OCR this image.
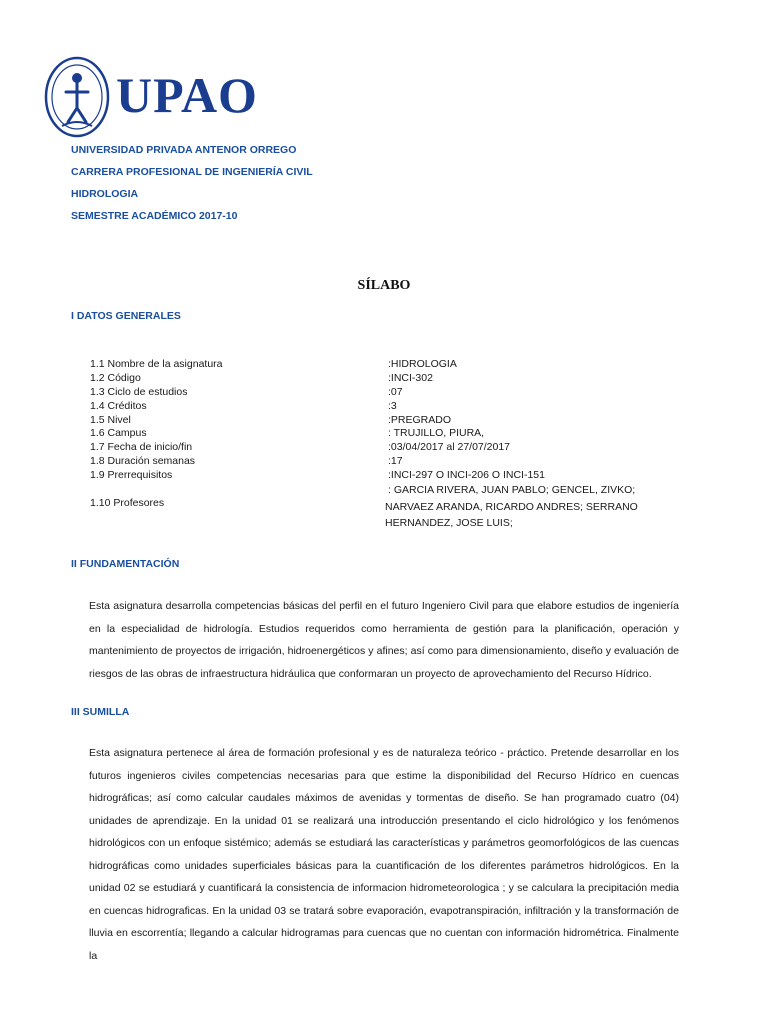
UPAO
UNIVERSIDAD PRIVADA ANTENOR ORREGO
CARRERA PROFESIONAL DE INGENIERÍA CIVIL
HIDROLOGIA
SEMESTRE ACADÉMICO 2017-10
SÍLABO
I DATOS GENERALES
1.1 Nombre de la asignatura	:HIDROLOGIA
1.2 Código	:INCI-302
1.3 Ciclo de estudios	:07
1.4 Créditos	:3
1.5 Nivel	:PREGRADO
1.6 Campus	: TRUJILLO, PIURA,
1.7 Fecha de inicio/fin	:03/04/2017 al 27/07/2017
1.8 Duración semanas	:17
1.9 Prerrequisitos	:INCI-297 O INCI-206 O INCI-151
1.10 Profesores
: GARCIA RIVERA, JUAN PABLO; GENCEL, ZIVKO;
NARVAEZ ARANDA, RICARDO ANDRES; SERRANO
HERNANDEZ, JOSE LUIS;
II FUNDAMENTACIÓN
Esta asignatura desarrolla competencias básicas del perfil en el futuro Ingeniero Civil para que elabore estudios de ingeniería en la especialidad de hidrología. Estudios requeridos como herramienta de gestión para la planificación, operación y mantenimiento de proyectos de irrigación, hidroenergéticos y afines; así como para dimensionamiento, diseño y evaluación de riesgos de las obras de infraestructura hidráulica que conformaran un proyecto de aprovechamiento del Recurso Hídrico.
III SUMILLA
Esta asignatura pertenece al área de formación profesional y es de naturaleza teórico - práctico. Pretende desarrollar en los futuros ingenieros civiles competencias necesarias para que estime la disponibilidad del Recurso Hídrico en cuencas hidrográficas; así como calcular caudales máximos de avenidas y tormentas de diseño. Se han programado cuatro (04) unidades de aprendizaje. En la unidad 01 se realizará una introducción presentando el ciclo hidrológico y los fenómenos hidrológicos con un enfoque sistémico; además se estudiará las características y parámetros geomorfológicos de las cuencas hidrográficas como unidades superficiales básicas para la cuantificación de los diferentes parámetros hidrológicos. En la unidad 02 se estudiará y cuantificará la consistencia de informacion hidrometeorologica ; y se calculara la precipitación media en cuencas hidrograficas. En la unidad 03 se tratará sobre evaporación, evapotranspiración, infiltración y la transformación de lluvia en escorrentía; llegando a calcular hidrogramas para cuencas que no cuentan con información hidrométrica. Finalmente la
